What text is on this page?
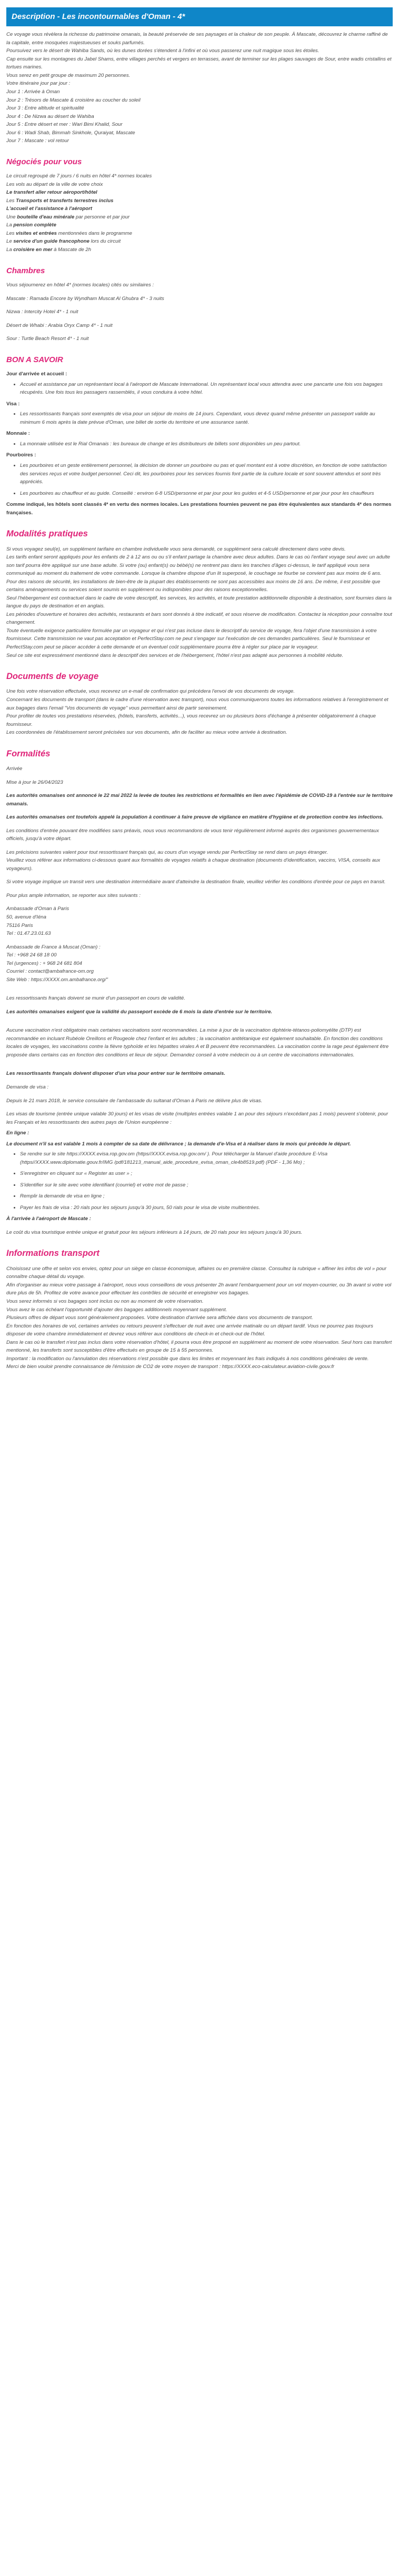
Description - Les incontournables d'Oman - 4*

Ce voyage vous révèlera la richesse du patrimoine omanais, la beauté préservée de ses paysages et la chaleur de son peuple. À Mascate, découvrez le charme raffiné de la capitale, entre mosquées majestueuses et souks parfumés.

Poursuivez vers le désert de Wahiba Sands, où les dunes dorées s'étendent à l'infini et où vous passerez une nuit magique sous les étoiles.

Cap ensuite sur les montagnes du Jabel Shams, entre villages perchés et vergers en terrasses, avant de terminer sur les plages sauvages de Sour, entre wadis cristallins et tortues marines.

Vous serez en petit groupe de maximum 20 personnes.

Votre itinéraire jour par jour :

Jour 1 : Arrivée à Oman

Jour 2 : Trésors de Mascate & croisière au coucher du soleil

Jour 3 : Entre altitude et spiritualité

Jour 4 : De Nizwa au désert de Wahiba

Jour 5 : Entre désert et mer : Wari Bimi Khalid, Sour

Jour 6 : Wadi Shab, Bimmah Sinkhole, Quraiyat, Mascate

Jour 7 : Mascate : vol retour

Négociés pour vous

Le circuit regroupé de 7 jours / 6 nuits en hôtel 4* normes locales

Les vols au départ de la ville de votre choix

Le transfert aller retour aéroport/hôtel

Les Transports et transferts terrestres inclus

L'accueil et l'assistance à l'aéroport

Une bouteille d'eau minérale par personne et par jour

La pension complète

Les visites et entrées mentionnées dans le programme

Le service d'un guide francophone lors du circuit

La croisière en mer à Mascate de 2h

Chambres

Vous séjournerez en hôtel 4* (normes locales) cités ou similaires :

Mascate : Ramada Encore by Wyndham Muscat Al Ghubra 4* - 3 nuits

Nizwa : Intercity Hotel 4* - 1 nuit

Désert de Whabi : Arabia Oryx Camp 4* - 1 nuit

Sour : Turtle Beach Resort 4* - 1 nuit

BON A SAVOIR

Jour d'arrivée et accueil :

• Accueil et assistance par un représentant local à l'aéroport de Mascate International. Un représentant local vous attendra avec une pancarte une fois vos bagages récupérés. Une fois tous les passagers rassemblés, il vous conduira à votre hôtel.

Visa :

• Les ressortissants français sont exemptés de visa pour un séjour de moins de 14 jours. Cependant, vous devez quand même présenter un passeport valide au minimum 6 mois après la date prévue d'Oman, une billet de sortie du territoire et une assurance santé.

Monnaie :

• La monnaie utilisée est le Rial Omanais : les bureaux de change et les distributeurs de billets sont disponibles un peu partout.

Pourboires :

• Les pourboires et un geste entièrement personnel, la décision de donner un pourboire ou pas et quel montant est à votre discrétion, en fonction de votre satisfaction des services reçus et votre budget personnel. Ceci dit, les pourboires pour les services fournis font partie de la culture locale et sont souvent attendus et sont très appréciés.
• Les pourboires au chauffeur et au guide. Conseillé : environ 6-8 USD/personne et par jour pour les guides et 4-5 USD/personne et par jour pour les chauffeurs

Comme indiqué, les hôtels sont classés 4* en vertu des normes locales. Les prestations fournies peuvent ne pas être équivalentes aux standards 4* des normes françaises.

Modalités pratiques

Si vous voyagez seul(e), un supplément tarifaire en chambre individuelle vous sera demandé, ce supplément sera calculé directement dans votre devis.

Les tarifs enfant seront appliqués pour les enfants de 2 à 12 ans ou ou s'il enfant partage la chambre avec deux adultes. Dans le cas où l'enfant voyage seul avec un adulte son tarif pourra être appliqué sur une base adulte. Si votre (ou) enfant(s) ou bébé(s) ne rentrent pas dans les tranches d'âges ci-dessus, le tarif appliqué vous sera communiqué au moment du traitement de votre commande. Lorsque la chambre dispose d'un lit superposé, le couchage se fourbe se convient pas aux moins de 6 ans.

Pour des raisons de sécurité, les installations de bien-être de la plupart des établissements ne sont pas accessibles aux moins de 16 ans. De même, il est possible que certains aménagements ou services soient soumis en supplément ou indisponibles pour des raisons exceptionnelles.

Seul l'hébergement est contractuel dans le cadre de votre descriptif, les services, les activités, et toute prestation additionnelle disponible à destination, sont fournies dans la langue du pays de destination et en anglais.

Les périodes d'ouverture et horaires des activités, restaurants et bars sont donnés à titre indicatif, et sous réserve de modification. Contactez la réception pour connaître tout changement.

Toute éventuelle exigence particulière formulée par un voyageur et qui n'est pas incluse dans le descriptif du service de voyage, fera l'objet d'une transmission à votre fournisseur. Cette transmission ne vaut pas acceptation et PerfectStay.com ne peut s'engager sur l'exécution de ces demandes particulières. Seul le fournisseur et PerfectStay.com peut se placer accéder à cette demande et un éventuel coût supplémentaire pourra être à régler sur place par le voyageur.

Seul ce site est expressément mentionné dans le descriptif des services et de l'hébergement, l'hôtel n'est pas adapté aux personnes à mobilité réduite.

Documents de voyage

Une fois votre réservation effectuée, vous recevrez un e-mail de confirmation qui précédera l'envoi de vos documents de voyage.

Concernant les documents de transport (dans le cadre d'une réservation avec transport), nous vous communiquerons toutes les informations relatives à l'enregistrement et aux bagages dans l'email "Vos documents de voyage" vous permettant ainsi de partir sereinement.

Pour profiter de toutes vos prestations réservées, (hôtels, transferts, activités...), vous recevrez un ou plusieurs bons d'échange à présenter obligatoirement à chaque fournisseur.

Les coordonnées de l'établissement seront précisées sur vos documents, afin de faciliter au mieux votre arrivée à destination.

Formalités

Arrivée

Mise à jour le 26/04/2023

Les autorités omanaises ont annoncé le 22 mai 2022 la levée de toutes les restrictions et formalités en lien avec l'épidémie de COVID-19 à l'entrée sur le territoire omanais.

Les autorités omanaises ont toutefois appelé la population à continuer à faire preuve de vigilance en matière d'hygiène et de protection contre les infections.

Les conditions d'entrée pouvant être modifiées sans préavis, nous vous recommandons de vous tenir régulièrement informé auprès des organismes gouvernementaux officiels, jusqu'à votre départ.

Les précisions suivantes valent pour tout ressortissant français qui, au cours d'un voyage vendu par PerfectStay se rend dans un pays étranger.

Veuillez vous référer aux informations ci-dessous quant aux formalités de voyages relatifs à chaque destination (documents d'identification, vaccins, VISA, conseils aux voyageurs).

Si votre voyage implique un transit vers une destination intermédiaire avant d'atteindre la destination finale, veuillez vérifier les conditions d'entrée pour ce pays en transit.

Pour plus ample information, se reporter aux sites suivants :

Ambassade d'Oman à Paris

50, avenue d'Iéna

75116 Paris

Tel : 01.47.23.01.63

Ambassade de France à Muscat (Oman) :

Tel : +968 24 68 18 00

Tel (urgences) : + 968 24 681 804

Courriel : contact@ambafrance-om.org

Site Web : https://XXXX.om.ambafrance.org/"

Les ressortissants français doivent se munir d'un passeport en cours de validité.

Les autorités omanaises exigent que la validité du passeport excède de 6 mois la date d'entrée sur le territoire.

Aucune vaccination n'est obligatoire mais certaines vaccinations sont recommandées. La mise à jour de la vaccination diphtérie-tétanos-poliomyélite (DTP) est recommandée en incluant Rubéole Oreillons et Rougeole chez l'enfant et les adultes ; la vaccination antitétanique est également souhaitable. En fonction des conditions locales de voyages, les vaccinations contre la fièvre typhoïde et les hépatites virales A et B peuvent être recommandées. La vaccination contre la rage peut également être proposée dans certains cas en fonction des conditions et lieux de séjour. Demandez conseil à votre médecin ou à un centre de vaccinations internationales.

Les ressortissants français doivent disposer d'un visa pour entrer sur le territoire omanais.

Demande de visa :

Depuis le 21 mars 2018, le service consulaire de l'ambassade du sultanat d'Oman à Paris ne délivre plus de visas.

Les visas de tourisme (entrée unique valable 30 jours) et les visas de visite (multiples entrées valable 1 an pour des séjours n'excédant pas 1 mois) peuvent s'obtenir, pour les Français et les ressortissants des autres pays de l'Union européenne :

En ligne :

Le document n'il sa est valable 1 mois à compter de sa date de délivrance ; la demande d'e-Visa et à réaliser dans le mois qui précède le départ.

• Se rendre sur le site https://XXXX.evisa.rop.gov.om (https//XXXX.evisa.rop.gov.om/ ). Pour télécharger la Manuel d'aide procédure E-Visa (https//XXXX.www.diplomatie.gouv.fr/IMG /pdf/181213_manual_aide_procedure_evisa_oman_cle4b8519.pdf) (PDF - 1,36 Mo) ;
• S'enregistrer en cliquant sur « Register as user » ;
• S'identifier sur le site avec votre identifiant (courriel) et votre mot de passe ;
• Remplir la demande de visa en ligne ;
• Payer les frais de visa : 20 rials pour les séjours jusqu'à 30 jours, 50 rials pour le visa de visite multientrées.

À l'arrivée à l'aéroport de Mascate :

Le coût du visa touristique entrée unique et gratuit pour les séjours inférieurs à 14 jours, de 20 rials pour les séjours jusqu'à 30 jours.

Informations transport

Choisissez une offre et selon vos envies, optez pour un siège en classe économique, affaires ou en première classe. Consultez la rubrique « affiner les infos de vol » pour connaître chaque détail du voyage.

Afin d'organiser au mieux votre passage à l'aéroport, nous vous conseillons de vous présenter 2h avant l'embarquement pour un vol moyen-courrier, ou 3h avant si votre vol dure plus de 5h. Profitez de votre avance pour effectuer les contrôles de sécurité et enregistrer vos bagages.

Vous serez informés si vos bagages sont inclus ou non au moment de votre réservation.

Vous avez le cas échéant l'opportunité d'ajouter des bagages additionnels moyennant supplément.

Plusieurs offres de départ vous sont généralement proposées. Votre destination d'arrivée sera affichée dans vos documents de transport.

En fonction des horaires de vol, certaines arrivées ou retours peuvent s'effectuer de nuit avec une arrivée matinale ou un départ tardif. Vous ne pourrez pas toujours disposer de votre chambre immédiatement et devrez vous référer aux conditions de check-in et check-out de l'hôtel.

Dans le cas où le transfert n'est pas inclus dans votre réservation d'hôtel, il pourra vous être proposé en supplément au moment de votre réservation. Seul hors cas transfert mentionné, les transferts sont susceptibles d'être effectués en groupe de 15 à 55 personnes.

Important : la modification ou l'annulation des réservations n'est possible que dans les limites et moyennant les frais indiqués à nos conditions générales de vente.

Merci de bien vouloir prendre connaissance de l'émission de CO2 de votre moyen de transport : https://XXXX.eco-calculateur.aviation-civile.gouv.fr
